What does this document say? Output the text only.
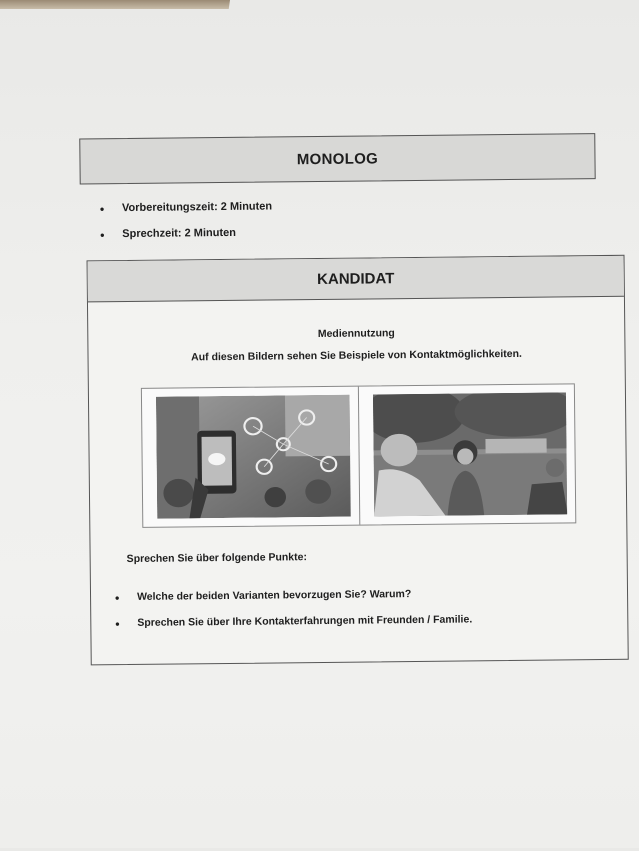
MONOLOG
•	Vorbereitungszeit: 2 Minuten
•	Sprechzeit: 2 Minuten
KANDIDAT
Mediennutzung
Auf diesen Bildern sehen Sie Beispiele von Kontaktmöglichkeiten.
Sprechen Sie über folgende Punkte:
•	Welche der beiden Varianten bevorzugen Sie? Warum?
•	Sprechen Sie über Ihre Kontakterfahrungen mit Freunden / Familie.
